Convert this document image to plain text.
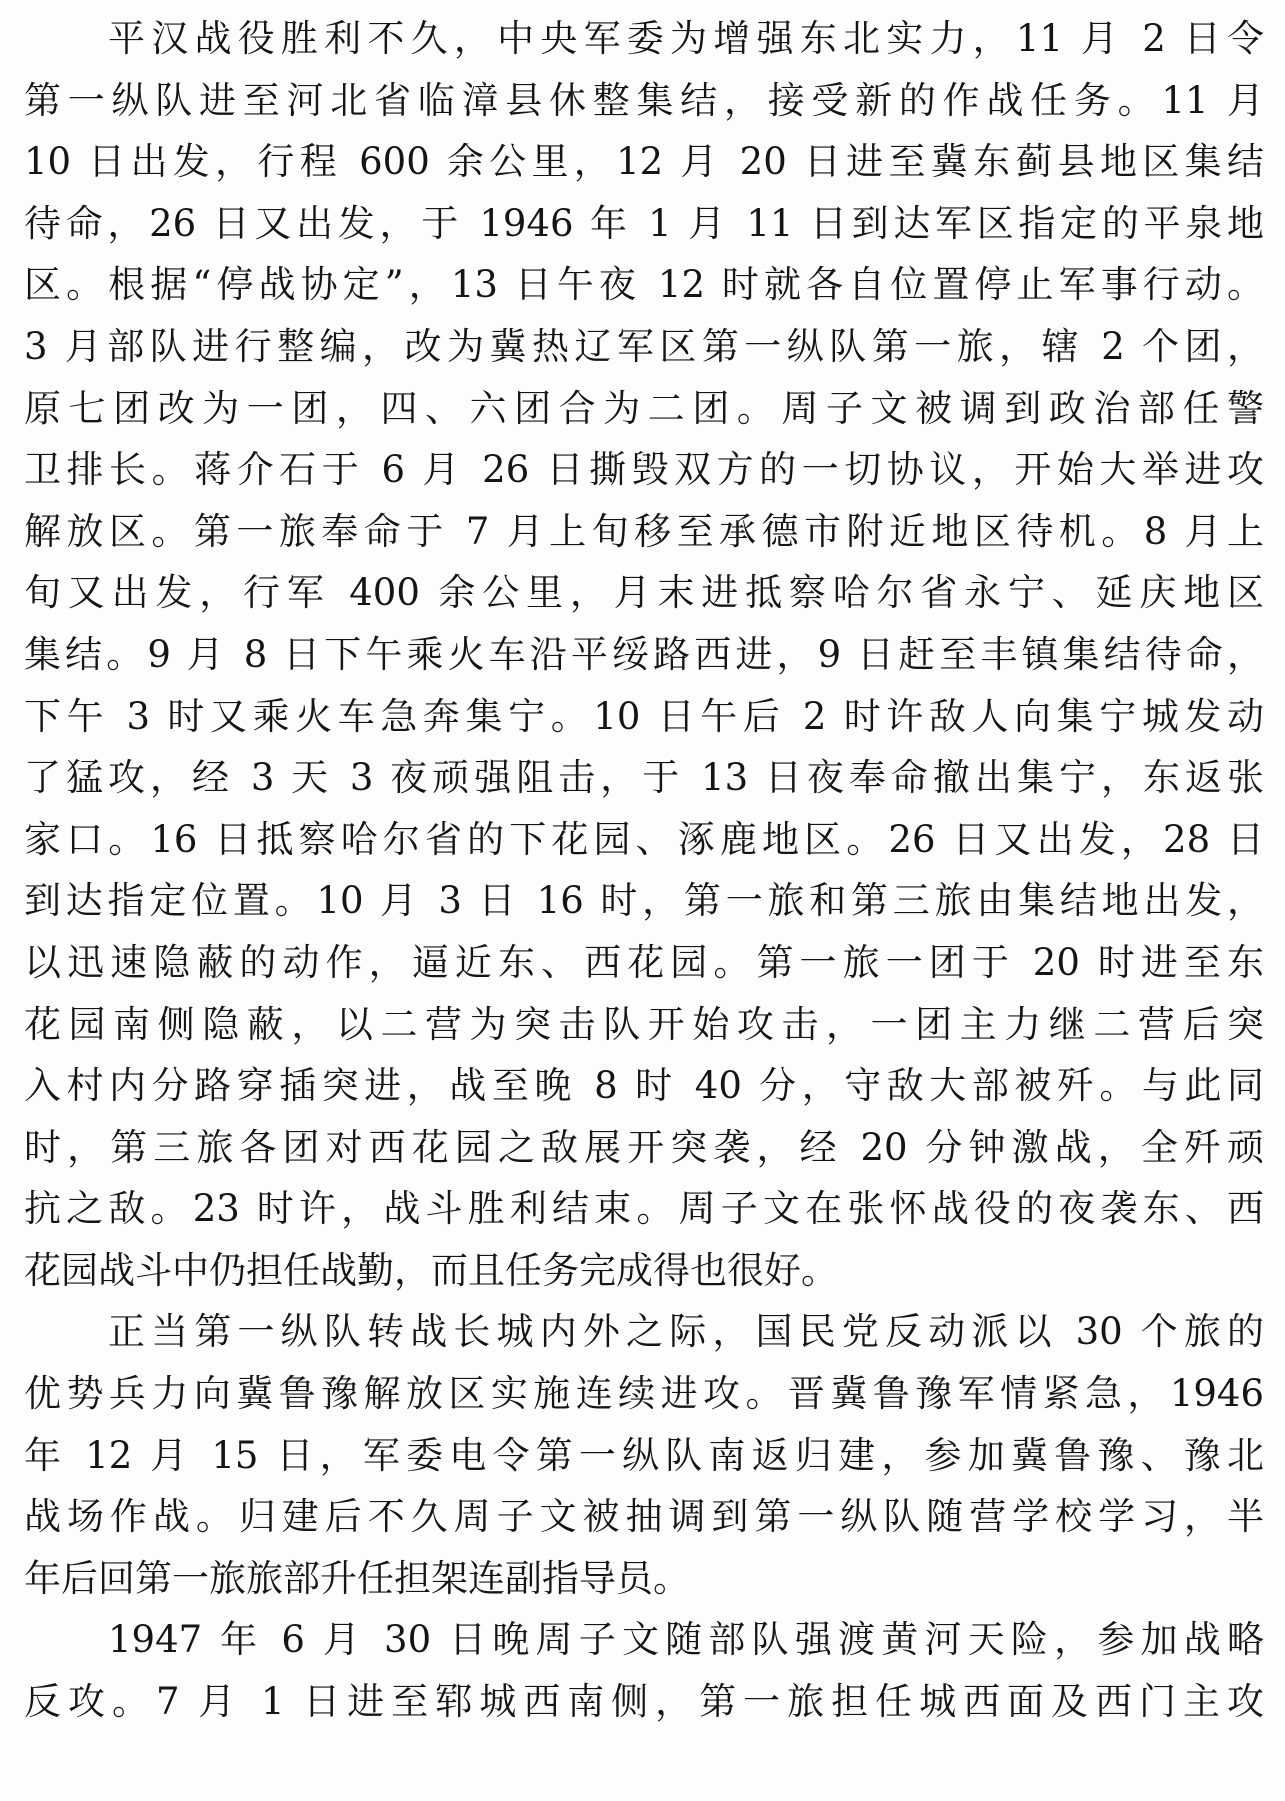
平汉战役胜利不久，中央军委为增强东北实力，11 月 2 日令
第一纵队进至河北省临漳县休整集结，接受新的作战任务。11 月
10 日出发，行程 600 余公里，12 月 20 日进至冀东蓟县地区集结
待命，26 日又出发，于 1946 年 1 月 11 日到达军区指定的平泉地
区。根据“停战协定”，13 日午夜 12 时就各自位置停止军事行动。
3 月部队进行整编，改为冀热辽军区第一纵队第一旅，辖 2 个团，
原七团改为一团，四、六团合为二团。周子文被调到政治部任警
卫排长。蒋介石于 6 月 26 日撕毁双方的一切协议，开始大举进攻
解放区。第一旅奉命于 7 月上旬移至承德市附近地区待机。8 月上
旬又出发，行军 400 余公里，月末进抵察哈尔省永宁、延庆地区
集结。9 月 8 日下午乘火车沿平绥路西进，9 日赶至丰镇集结待命，
下午 3 时又乘火车急奔集宁。10 日午后 2 时许敌人向集宁城发动
了猛攻，经 3 天 3 夜顽强阻击，于 13 日夜奉命撤出集宁，东返张
家口。16 日抵察哈尔省的下花园、涿鹿地区。26 日又出发，28 日
到达指定位置。10 月 3 日 16 时，第一旅和第三旅由集结地出发，
以迅速隐蔽的动作，逼近东、西花园。第一旅一团于 20 时进至东
花园南侧隐蔽，以二营为突击队开始攻击，一团主力继二营后突
入村内分路穿插突进，战至晚 8 时 40 分，守敌大部被歼。与此同
时，第三旅各团对西花园之敌展开突袭，经 20 分钟激战，全歼顽
抗之敌。23 时许，战斗胜利结束。周子文在张怀战役的夜袭东、西
花园战斗中仍担任战勤，而且任务完成得也很好。
正当第一纵队转战长城内外之际，国民党反动派以 30 个旅的
优势兵力向冀鲁豫解放区实施连续进攻。晋冀鲁豫军情紧急，1946
年 12 月 15 日，军委电令第一纵队南返归建，参加冀鲁豫、豫北
战场作战。归建后不久周子文被抽调到第一纵队随营学校学习，半
年后回第一旅旅部升任担架连副指导员。
1947 年 6 月 30 日晚周子文随部队强渡黄河天险，参加战略
反攻。7 月 1 日进至郓城西南侧，第一旅担任城西面及西门主攻
